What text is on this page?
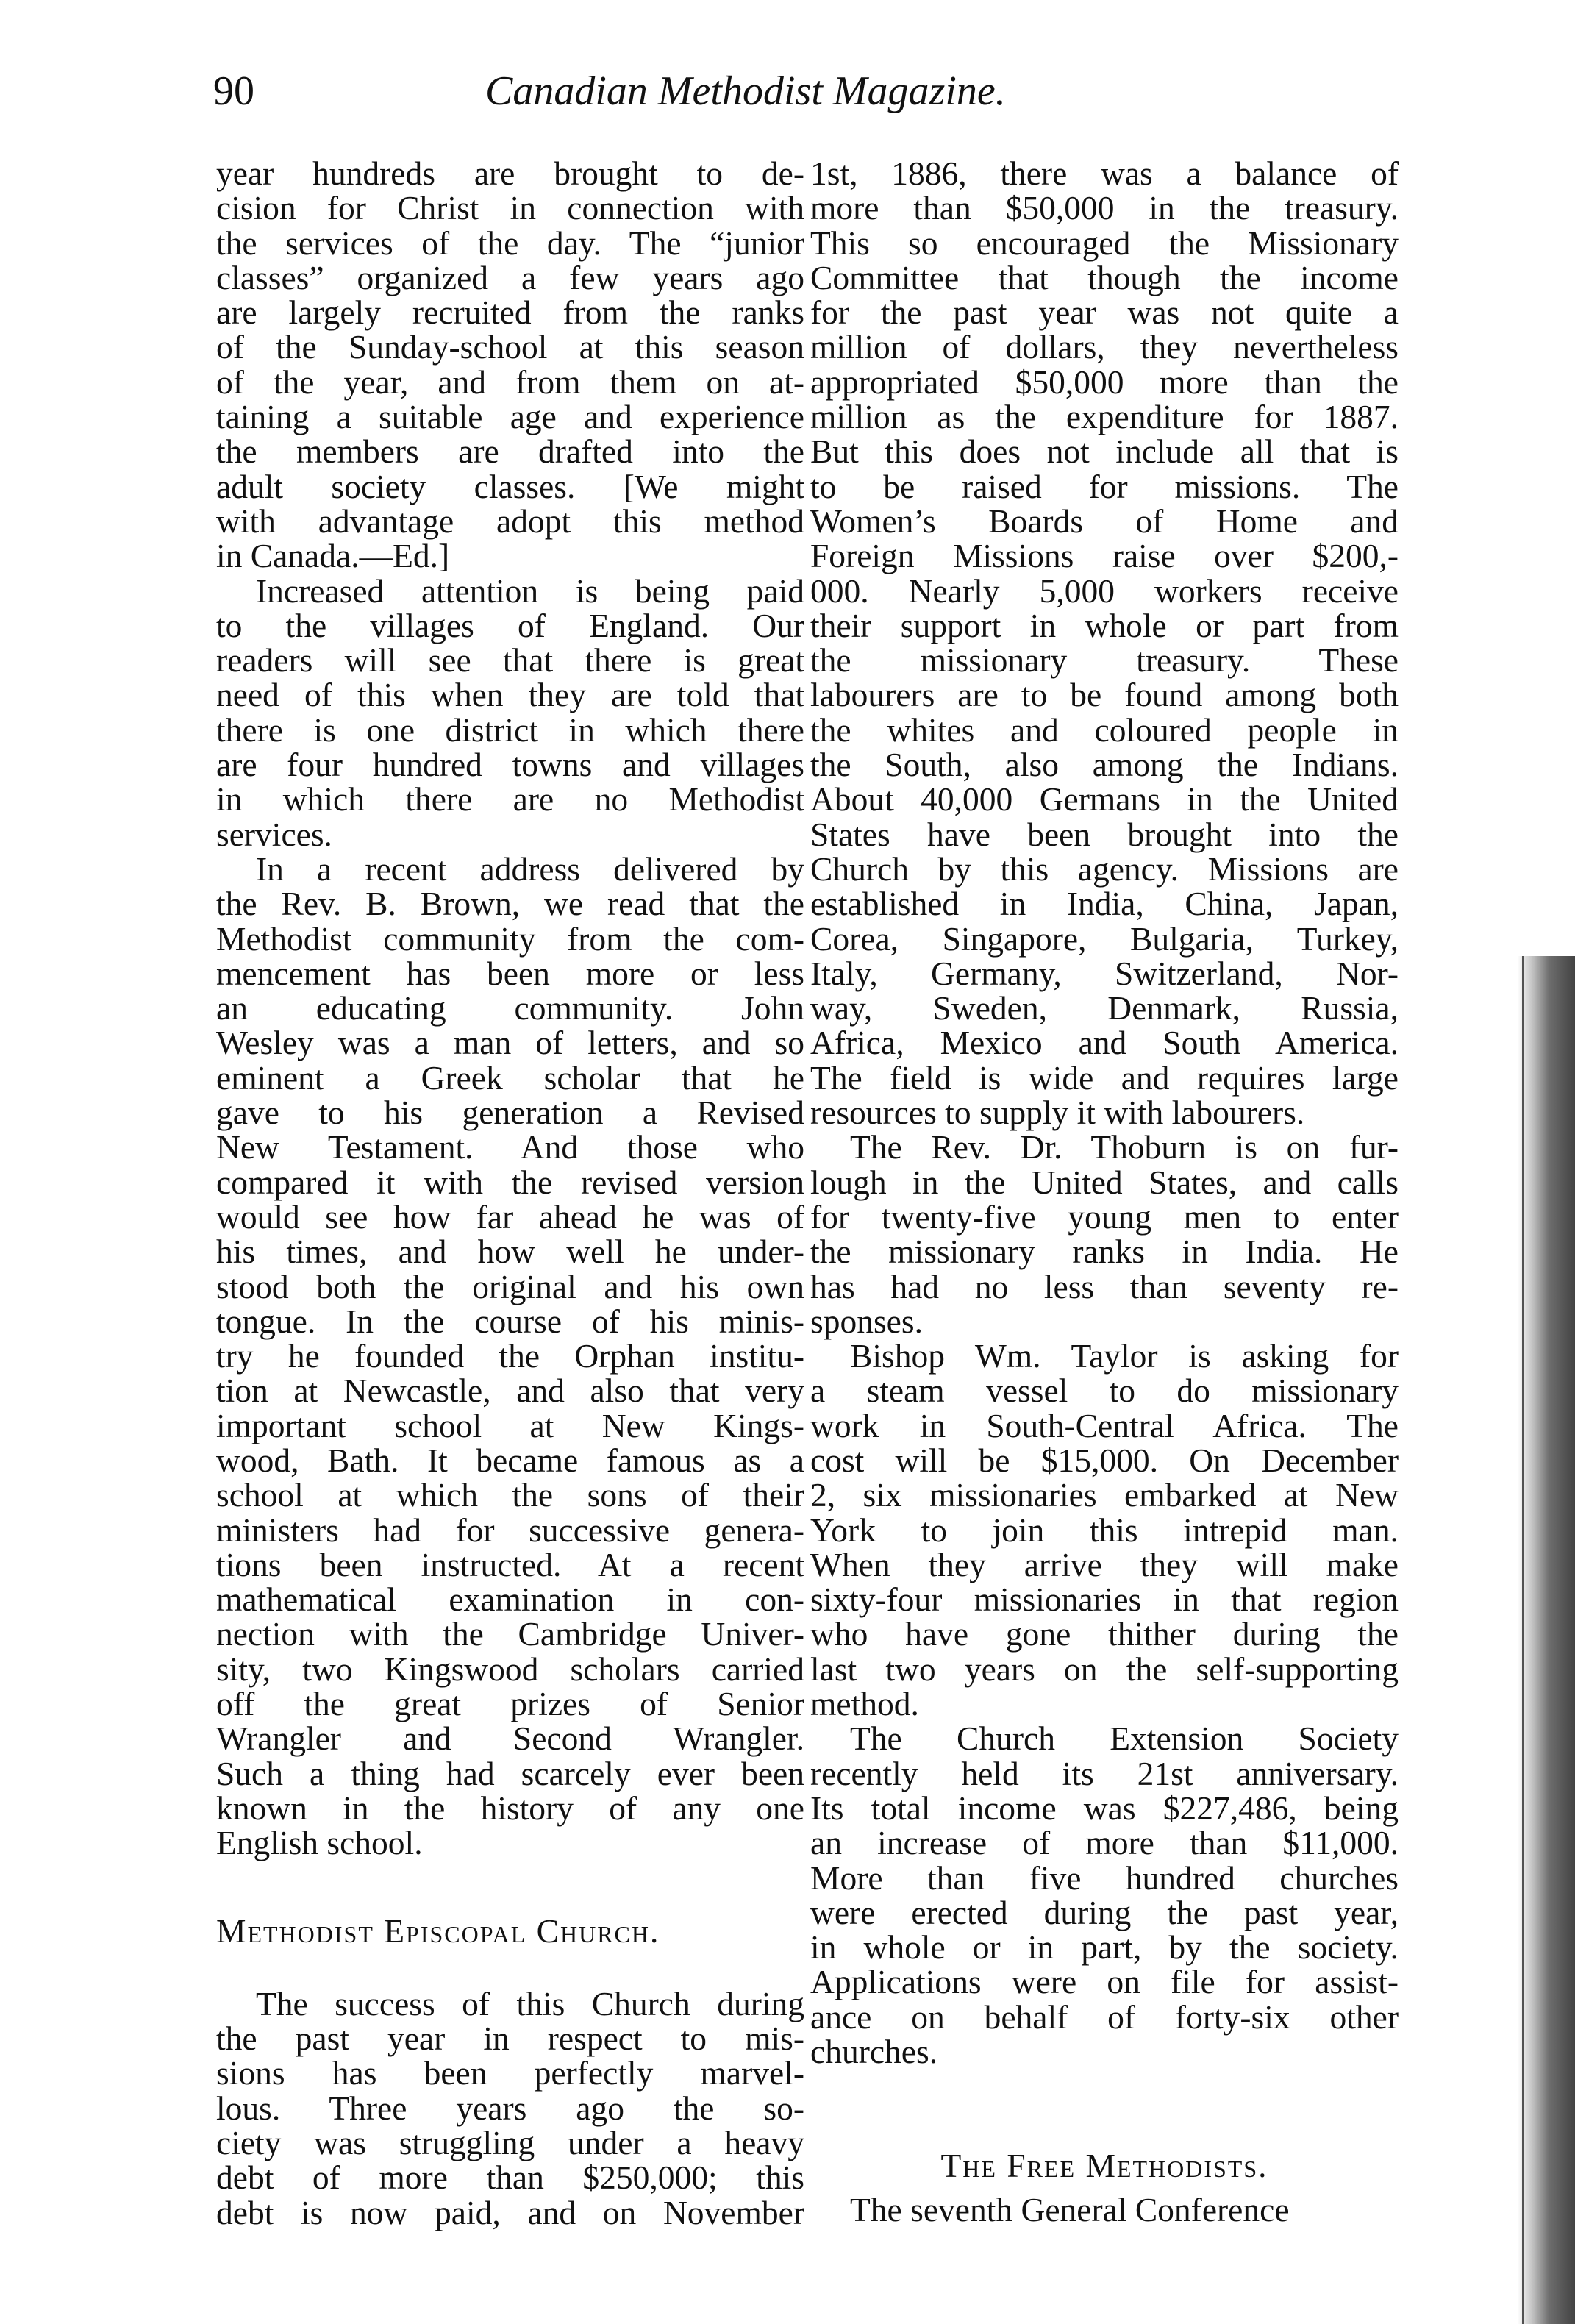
90	Canadian Methodist Magazine.
year hundreds are brought to de-
cision for Christ in connection with
the services of the day. The “junior
classes” organized a few years ago
are largely recruited from the ranks
of the Sunday-school at this season
of the year, and from them on at-
taining a suitable age and experience
the members are drafted into the
adult society classes. [We might
with advantage adopt this method
in Canada.—Ed.]
Increased attention is being paid
to the villages of England. Our
readers will see that there is great
need of this when they are told that
there is one district in which there
are four hundred towns and villages
in which there are no Methodist
services.
In a recent address delivered by
the Rev. B. Brown, we read that the
Methodist community from the com-
mencement has been more or less
an educating community. John
Wesley was a man of letters, and so
eminent a Greek scholar that he
gave to his generation a Revised
New Testament. And those who
compared it with the revised version
would see how far ahead he was of
his times, and how well he under-
stood both the original and his own
tongue. In the course of his minis-
try he founded the Orphan institu-
tion at Newcastle, and also that very
important school at New Kings-
wood, Bath. It became famous as a
school at which the sons of their
ministers had for successive genera-
tions been instructed. At a recent
mathematical examination in con-
nection with the Cambridge Univer-
sity, two Kingswood scholars carried
off the great prizes of Senior
Wrangler and Second Wrangler.
Such a thing had scarcely ever been
known in the history of any one
English school.
Methodist Episcopal Church.
The success of this Church during
the past year in respect to mis-
sions has been perfectly marvel-
lous. Three years ago the so-
ciety was struggling under a heavy
debt of more than $250,000; this
debt is now paid, and on November
1st, 1886, there was a balance of
more than $50,000 in the treasury.
This so encouraged the Missionary
Committee that though the income
for the past year was not quite a
million of dollars, they nevertheless
appropriated $50,000 more than the
million as the expenditure for 1887.
But this does not include all that is
to be raised for missions. The
Women’s Boards of Home and
Foreign Missions raise over $200,-
000. Nearly 5,000 workers receive
their support in whole or part from
the missionary treasury. These
labourers are to be found among both
the whites and coloured people in
the South, also among the Indians.
About 40,000 Germans in the United
States have been brought into the
Church by this agency. Missions are
established in India, China, Japan,
Corea, Singapore, Bulgaria, Turkey,
Italy, Germany, Switzerland, Nor-
way, Sweden, Denmark, Russia,
Africa, Mexico and South America.
The field is wide and requires large
resources to supply it with labourers.
The Rev. Dr. Thoburn is on fur-
lough in the United States, and calls
for twenty-five young men to enter
the missionary ranks in India. He
has had no less than seventy re-
sponses.
Bishop Wm. Taylor is asking for
a steam vessel to do missionary
work in South-Central Africa. The
cost will be $15,000. On December
2, six missionaries embarked at New
York to join this intrepid man.
When they arrive they will make
sixty-four missionaries in that region
who have gone thither during the
last two years on the self-supporting
method.
The Church Extension Society
recently held its 21st anniversary.
Its total income was $227,486, being
an increase of more than $11,000.
More than five hundred churches
were erected during the past year,
in whole or in part, by the society.
Applications were on file for assist-
ance on behalf of forty-six other
churches.
The Free Methodists.
The seventh General Conference
